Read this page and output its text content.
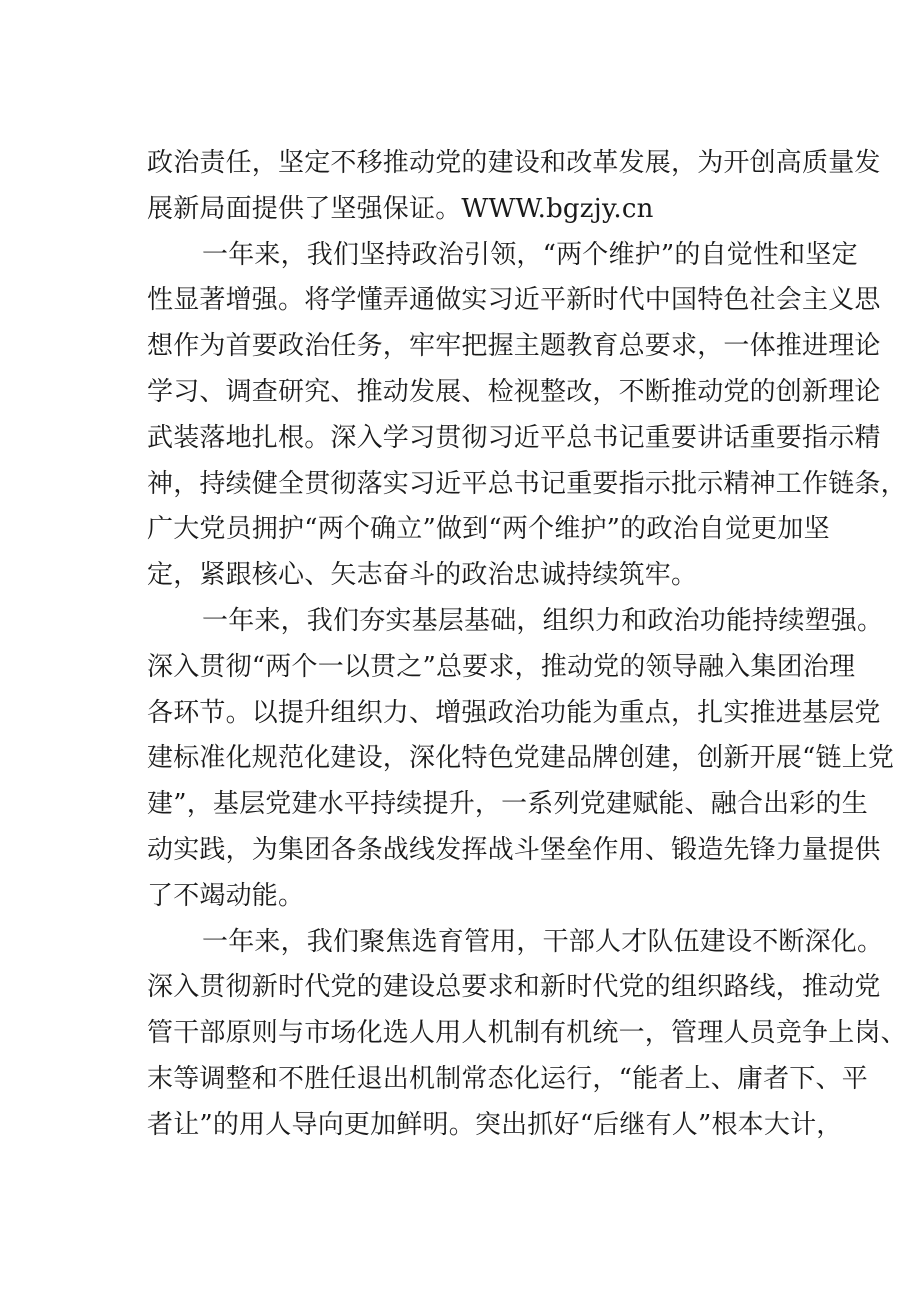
政治责任，坚定不移推动党的建设和改革发展，为开创高质量发
展新局面提供了坚强保证。WWW.bgzjy.cn
一年来，我们坚持政治引领，“两个维护”的自觉性和坚定
性显著增强。将学懂弄通做实习近平新时代中国特色社会主义思
想作为首要政治任务，牢牢把握主题教育总要求，一体推进理论
学习、调查研究、推动发展、检视整改，不断推动党的创新理论
武装落地扎根。深入学习贯彻习近平总书记重要讲话重要指示精
神，持续健全贯彻落实习近平总书记重要指示批示精神工作链条，
广大党员拥护“两个确立”做到“两个维护”的政治自觉更加坚
定，紧跟核心、矢志奋斗的政治忠诚持续筑牢。
一年来，我们夯实基层基础，组织力和政治功能持续塑强。
深入贯彻“两个一以贯之”总要求，推动党的领导融入集团治理
各环节。以提升组织力、增强政治功能为重点，扎实推进基层党
建标准化规范化建设，深化特色党建品牌创建，创新开展“链上党
建”，基层党建水平持续提升，一系列党建赋能、融合出彩的生
动实践，为集团各条战线发挥战斗堡垒作用、锻造先锋力量提供
了不竭动能。
一年来，我们聚焦选育管用，干部人才队伍建设不断深化。
深入贯彻新时代党的建设总要求和新时代党的组织路线，推动党
管干部原则与市场化选人用人机制有机统一，管理人员竞争上岗、
末等调整和不胜任退出机制常态化运行，“能者上、庸者下、平
者让”的用人导向更加鲜明。突出抓好“后继有人”根本大计，
